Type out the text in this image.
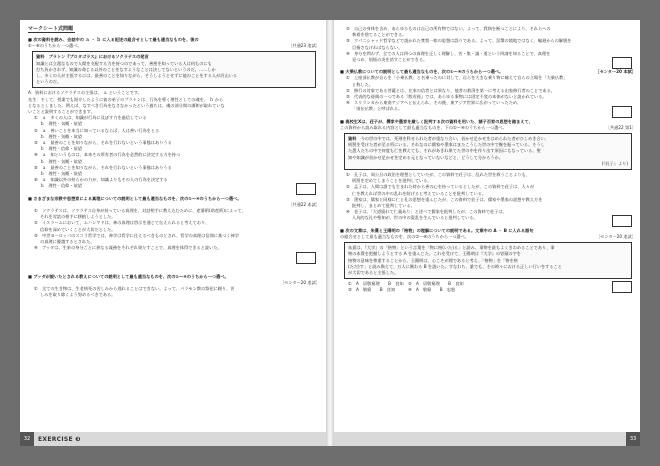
マークシート式問題
■ 次の資料を読み、会話中の ａ ・ ｂ に入る記述の組合せとして最も適当なものを、後の
①〜⑧のうちから一つ選べ。	［共通23 追試］
資料　プラトン『プロタゴラス』におけるソクラテスの発言
知識とは立派なもので人間を支配する力を持つのであって、善悪を知っている人は何ものにも
打ち負かされず、知識の命じる以外のことをなすようなことは決してないというのだ。……しか
し、多くの人が主張するには、最善のことを知りながら、そうしようとせずに他のことをする人が沢山いる
というのだ。
A：資料におけるソクラテスの主張は、 ａ ということです。
先生：そして、授業でも紹介したように彼の弟子のプラトンは、行為を導く理性としての魂を、 ｂ から
となるとしました。例えば、なすべき行為をなさなかったという過ちは、魂の部分間の調和が取れていな
いことと説明することができます。
①　ａ　多くの人は、知識が行為に及ぼす力を過信している
ｂ　理性・気概・欲望
②　ａ　善いことを本当に知っているならば、人は善い行為をとる
ｂ　理性・気概・欲望
③　ａ　最善のことを知りながら、それを行わないという事態はありうる
ｂ　理性・信仰・欲望
④　ａ　知というものは、本来その所有者の行為を必然的に決定する力を持つ
ｂ　理性・気概・欲望
⑤　ａ　最善のことを知りながら、それを行わないという事態はありうる
ｂ　理性・気概・欲望
⑥　ａ　知識以外の何らかの力が、知識よりもその人の行為を決定する
ｂ　理性・信仰・欲望
■ さまざまな宗教や思想家による真理についての説明として最も適当なものを、次の①〜④のうちから一つ選べ。
［共通22 本試］
①　ソクラテスは、ソクラテス自身が持っている真理を、対話相手に教え込むために、産婆術(助産術)によって、
それを対話の相手に移植しようとした。
②　イスラームにおいて、ムハンマドは、神の真理は啓示を通じて伝えられると考えており、
信仰を深めていくことが大切だとした。
③　中世ヨーロッパのスコラ哲学では、神学は哲学に仕えるべきものとされ、哲学の真理は信仰に基づく神学
の真理に優越するとされた。
④　ブッダは、生来の身分ごとに異なる義務をそれぞれ果たすことで、真理を体得できると説いた。
■ ブッダが説いたとされる教えについての説明として最も適当なものを、次の①〜④のうちから一つ選べ。
［センター20 追試］
①　全ての生き物は、生老病死の苦しみから逃れることはできない。よって、バラモン教の祭祀に頼り、苦
しみを取り除くよう努めるべきである。
32	EXERCISE ❸
②　自己の身体を含め、あらゆるものは自己の所有物ではない。よって、我執を断つことにより、それらへの
執着を捨てることができる。
③　ウパニシャッド哲学などで説かれた梵我一如の思想は誤りである。よって、涅槃の境地ではなく、輪廻からの解脱を
目指さなければならない。
④　身分を問わず、全ての人は四つの真理を正しく理解し、苦・集・滅・道という四諦を知ることで、真理を
見つめ、煩悩の炎を消すことができる。
■ 大乗仏教についての説明として最も適当なものを、次の①〜④のうちから一つ選べ。	［センター20 本試］
①　上座部仏教が自らを「小乗仏教」と名乗ったのに対して、自らを大きな乗り物に喩えて自らの立場を「大乗仏教」
と称した。
②　修行の対象である菩薩とは、在家の信者とは異なり、他者の救済を第一に考える出家修行者のことである。
③　代表的な経典の一つである『般若経』では、あらゆる事物には固定不変の本体がないと説かれている。
④　スリランカから東南アジアへと伝えられ、その後、東アジア世界に広がっていったため、
「南伝仏教」と呼ばれる。
■ 高校生Xは、荘子が、儒家や墨家を厳しく批判する次の資料を用いた、諸子百家の思想を踏まえて、
この資料から読み取れる内容として最も適当なものを、下の①〜④のうちから一つ選べ。	［共通22 第1］
資料　 今の世の中では、死刑を科せられた者が重なり合い、首かせ足かせをはめられた者がひしめき合い、
刑罰を受けた者が至る所にいる。それなのに儒家や墨家はまたこうした世の中で腕を振っている。そうし
た愚人たちの中で何度も仁を教えても、それがあきれ果てた世の中を作り出す原因にもなっている。聖
知や知識が首かせ足かせを定める元となっていないなどと、どうして分かろうか。
(『荘子』より)
①　孔子は、周公旦の政治を理想としていたが、この資料で荘子は、乱れた世を救うことよりも、
刑罰を定めてしまうことを批判している。
②　孟子は、人間は誰でも生まれた時から善の心を持っているとしたが、この資料で荘子は、人々が
仁を教えれば世の中の乱れを防げると考えていることを批判している。
③　墨家は、儒家と同様に仁と礼の思想を重んじたが、この資料で荘子は、儒家や墨家の思想や教え方を
批判し、まとめて批判している。
④　老子は、「大道廃れて仁義あり」と述べて儒家を批判したが、この資料で荘子は、
人為的な礼や聖知が、世の中の混乱を生んでいると批判している。
■ 次の文章は、朱熹と王陽明の「格物」の理解についての説明である。文章中の A ・ B に入れる語句
の組合せとして最も適当なものを、次の①〜④のうちから一つ選べ。	［センター20 追試］
朱熹は、『大学』の「格物」という言葉を「物に格(いた)る」と読み、事物を最もよくきわめることであり、事
物の本質を把握しようとする A を重んじた。これを受けて、王陽明は『大学』の冒頭の字を
格物の意味を尊重することから、王陽明は、心こそが理であると考え、「格物」を「物を格
(ただ)す」と読み換えて、万人に備わる B を説いた。すなわち、誰でも、その時々における正しい行いをすること
が大切であると主張した。
①　A　居敬窮理　　B　良知	②　A　居敬窮理　　B　良知
③　A　敬窮　　B　良知	④　A　敬窮　　B　忠恕
33
